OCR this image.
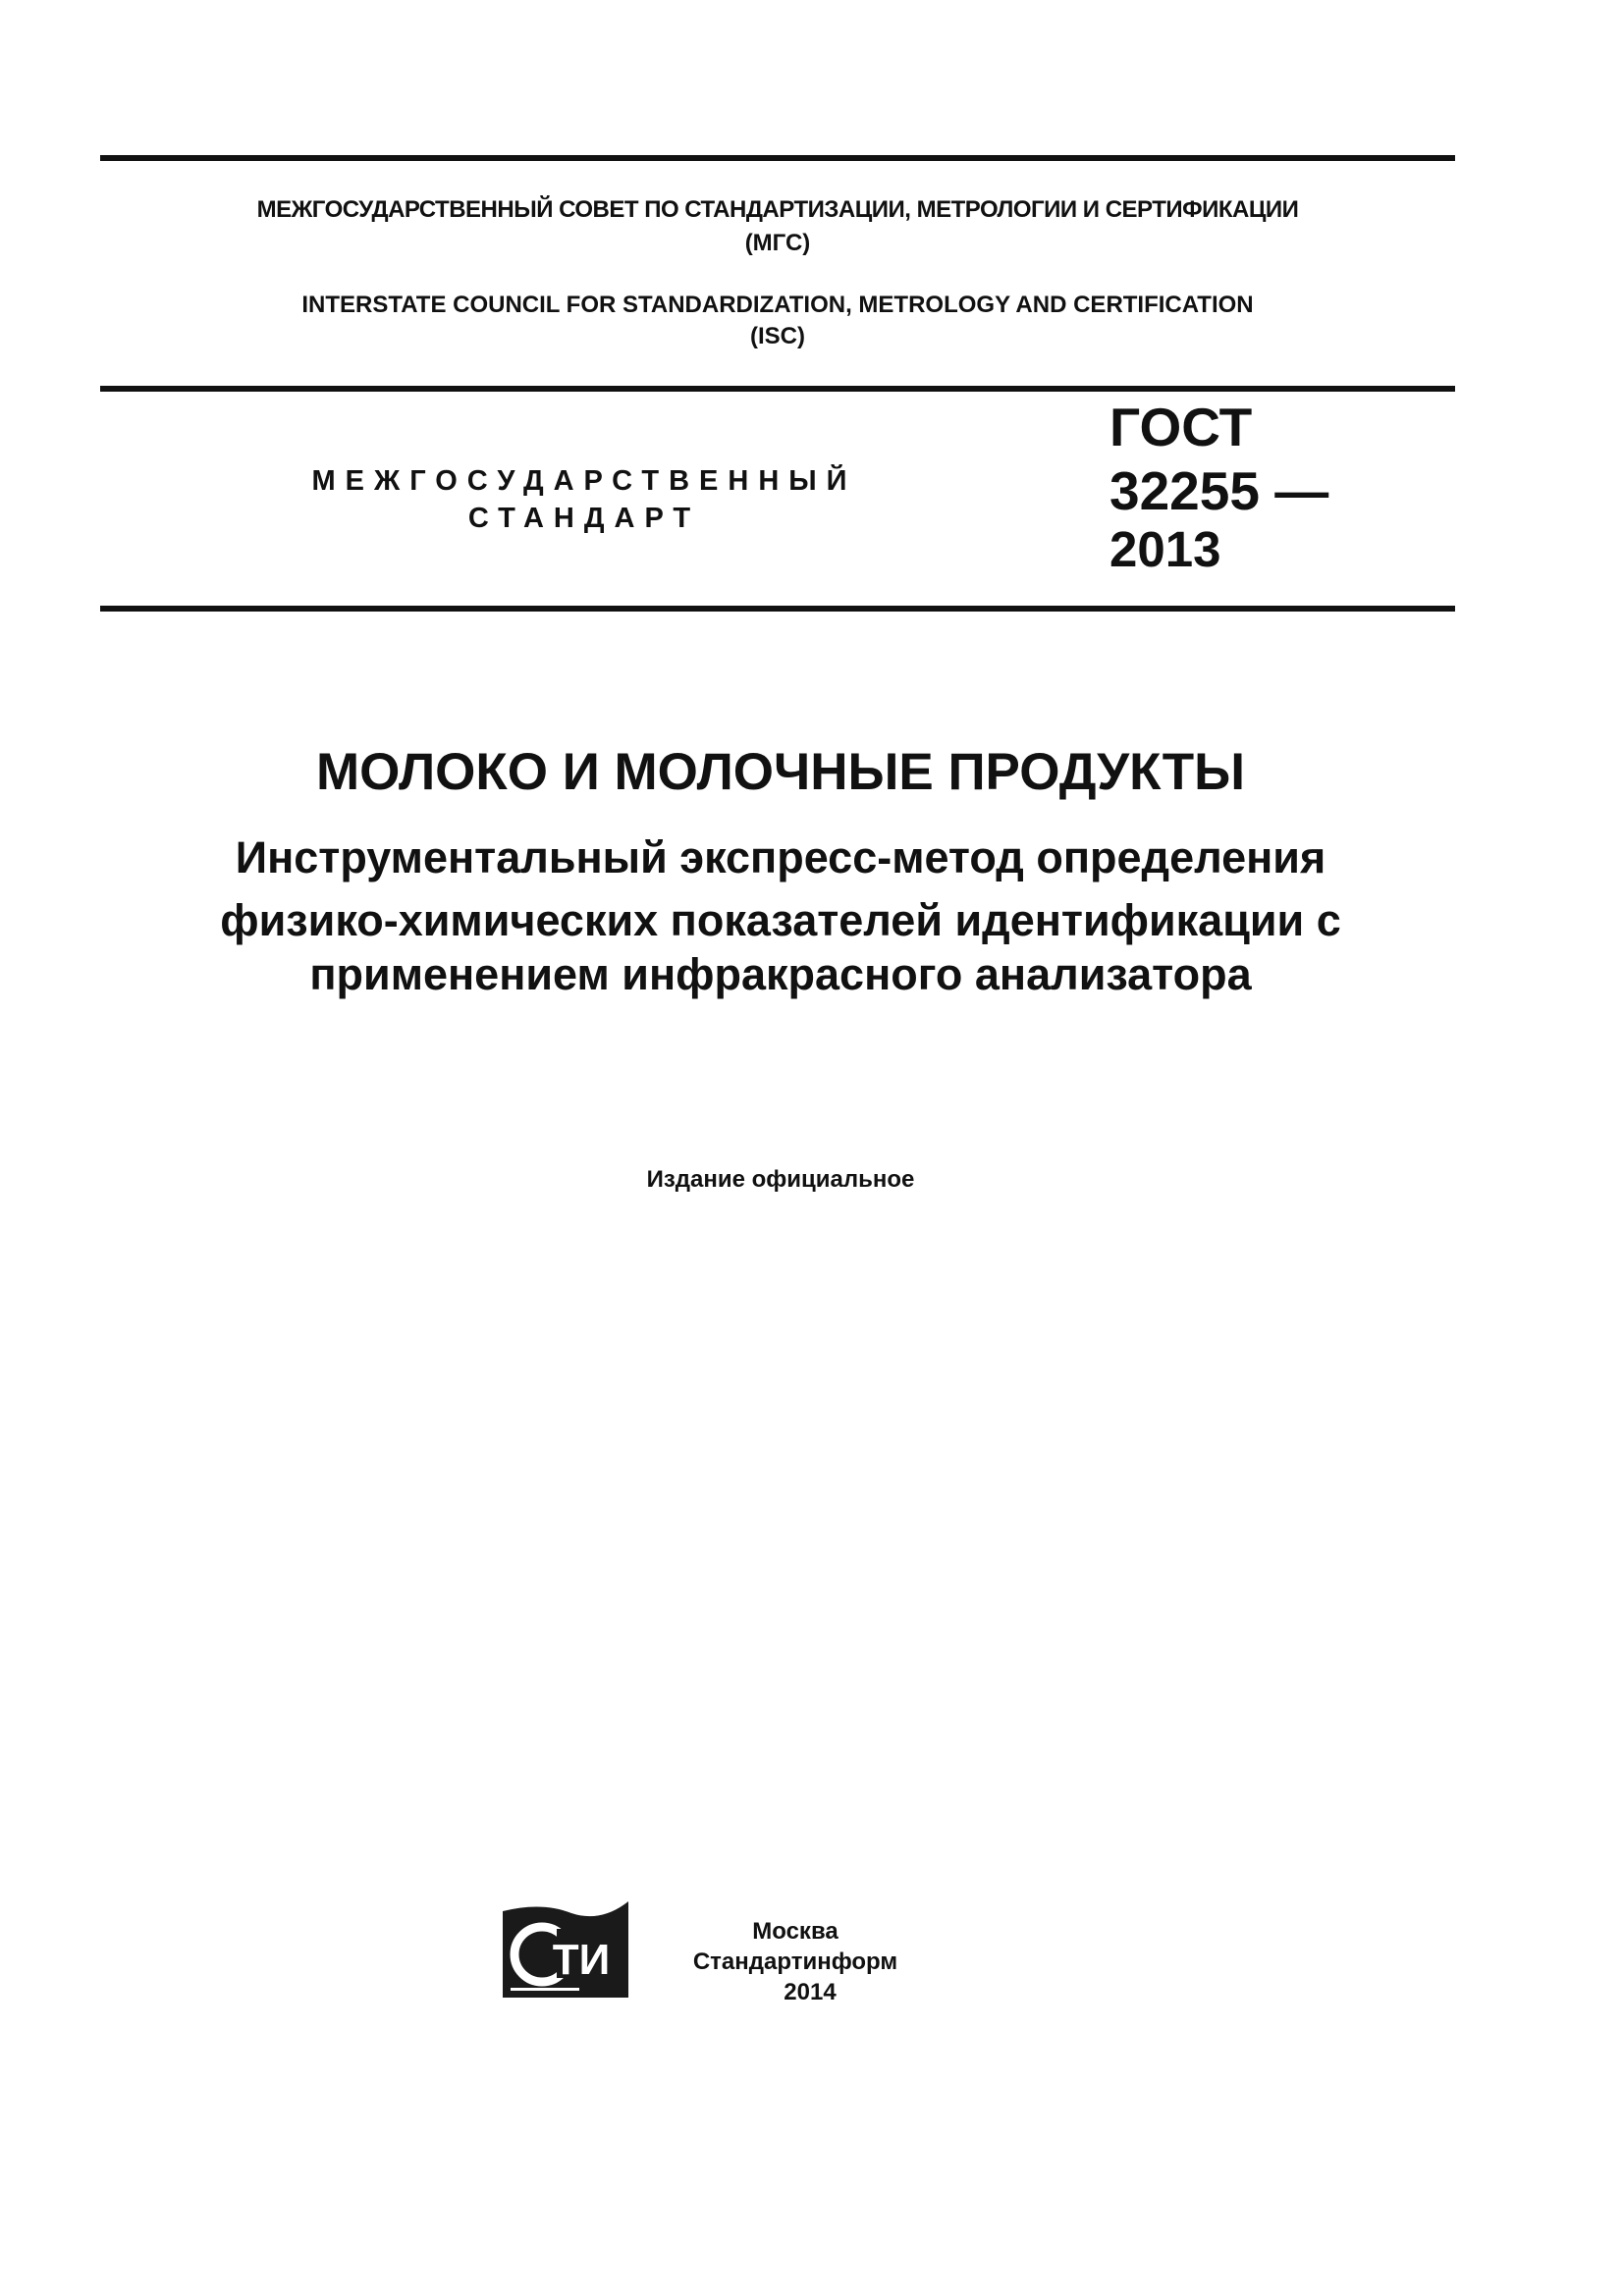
МЕЖГОСУДАРСТВЕННЫЙ СОВЕТ ПО СТАНДАРТИЗАЦИИ, МЕТРОЛОГИИ И СЕРТИФИКАЦИИ
(МГС)
INTERSTATE COUNCIL FOR STANDARDIZATION, METROLOGY AND CERTIFICATION
(ISC)
МЕЖГОСУДАРСТВЕННЫЙ
СТАНДАРТ
ГОСТ
32255 —
2013
МОЛОКО И МОЛОЧНЫЕ ПРОДУКТЫ
Инструментальный экспресс-метод определения
физико-химических показателей идентификации с
применением инфракрасного анализатора
Издание официальное
ТИ
Москва
Стандартинформ
2014
